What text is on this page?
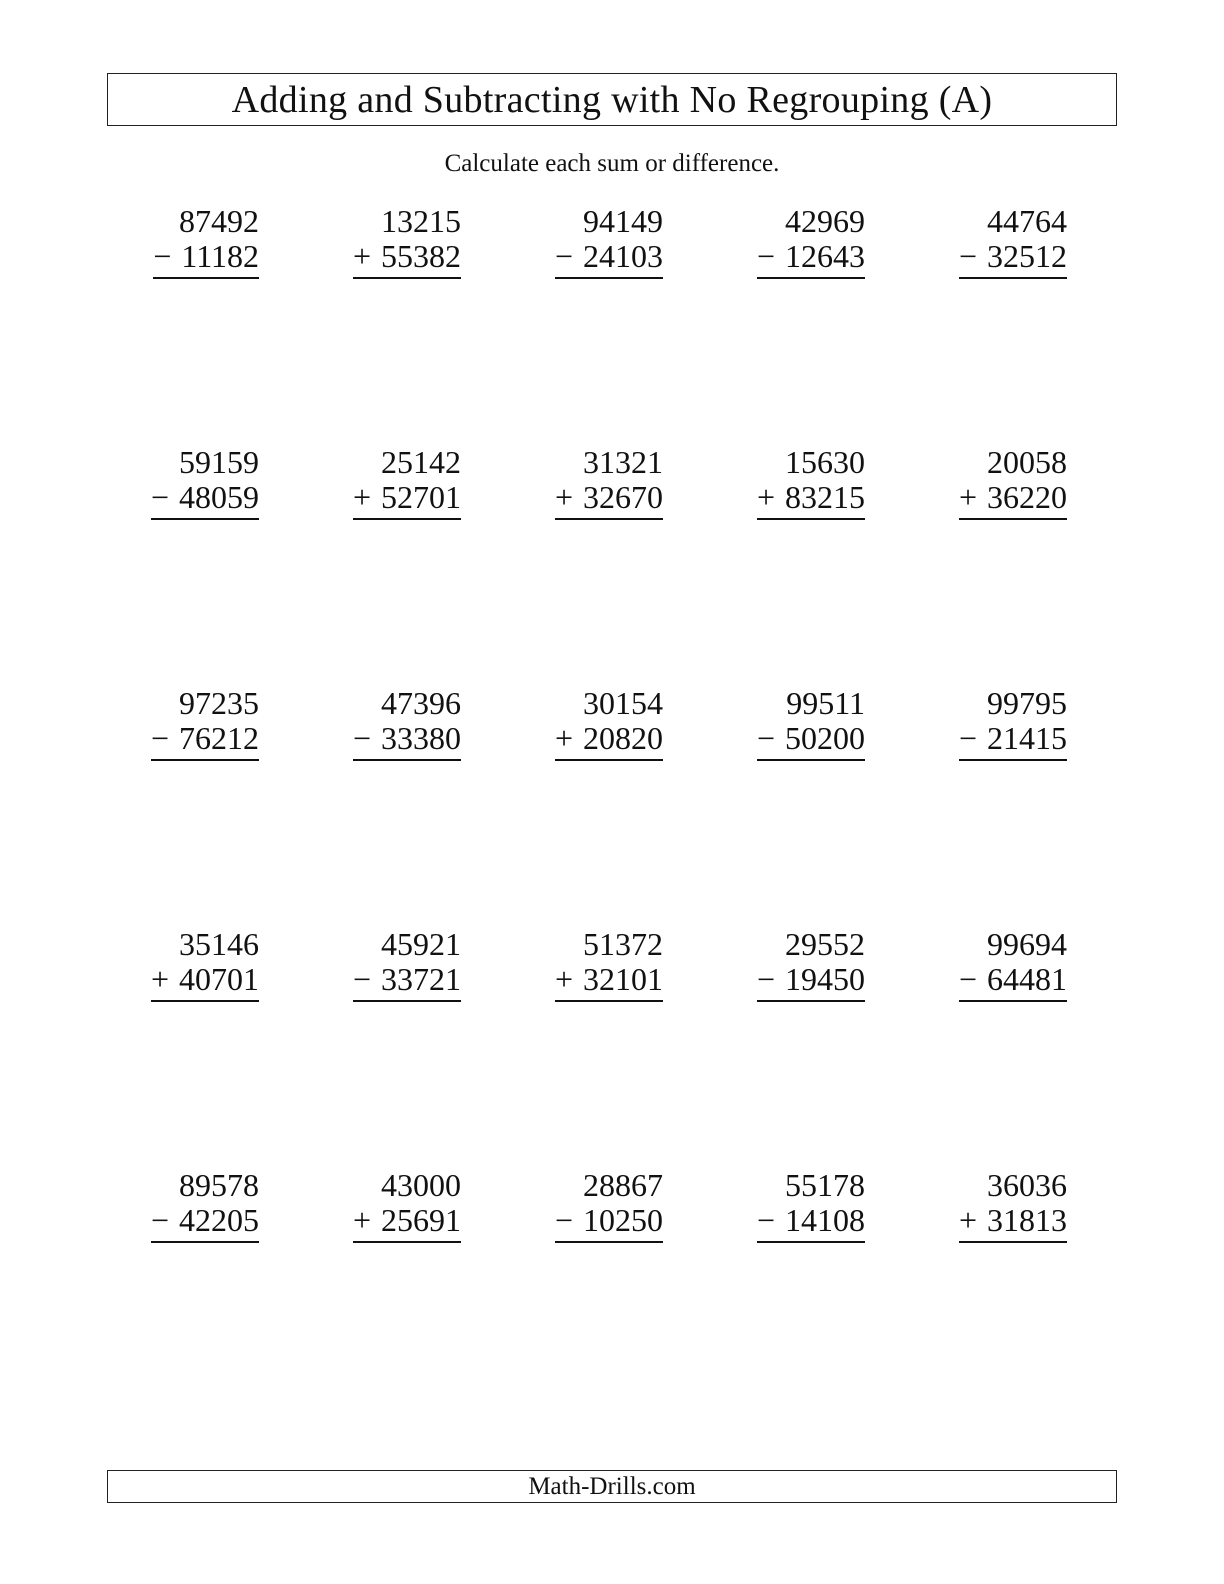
Adding and Subtracting with No Regrouping (A)
Calculate each sum or difference.
87492
− 11182
13215
+ 55382
94149
− 24103
42969
− 12643
44764
− 32512
59159
− 48059
25142
+ 52701
31321
+ 32670
15630
+ 83215
20058
+ 36220
97235
− 76212
47396
− 33380
30154
+ 20820
99511
− 50200
99795
− 21415
35146
+ 40701
45921
− 33721
51372
+ 32101
29552
− 19450
99694
− 64481
89578
− 42205
43000
+ 25691
28867
− 10250
55178
− 14108
36036
+ 31813
Math-Drills.com
